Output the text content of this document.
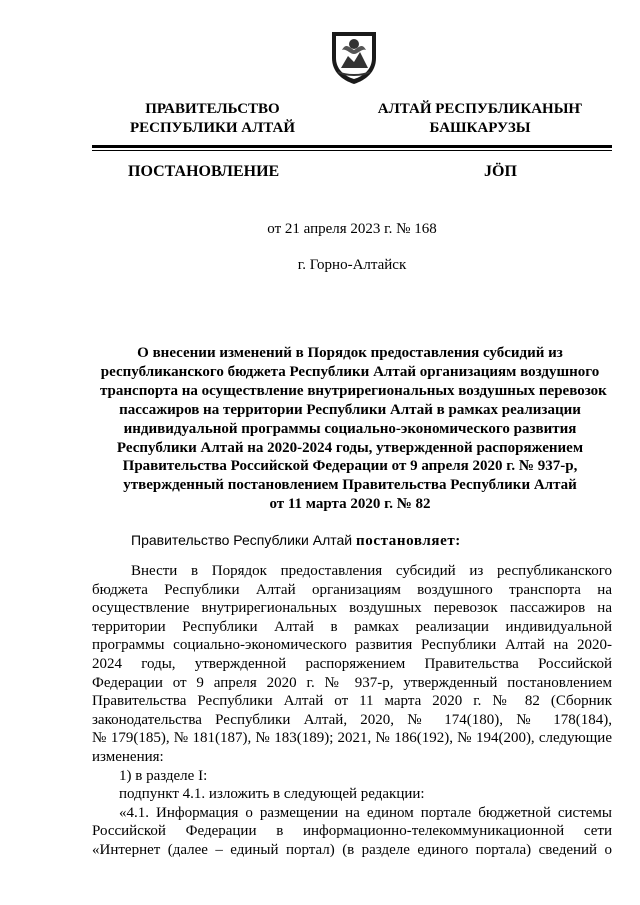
ПРАВИТЕЛЬСТВО
РЕСПУБЛИКИ АЛТАЙ
АЛТАЙ РЕСПУБЛИКАНЫҤ
БАШКАРУЗЫ
ПОСТАНОВЛЕНИЕ	JÖП
от 21 апреля 2023 г. № 168
г. Горно-Алтайск
О внесении изменений в Порядок предоставления субсидий из
республиканского бюджета Республики Алтай организациям воздушного
транспорта на осуществление внутрирегиональных воздушных перевозок
пассажиров на территории Республики Алтай в рамках реализации
индивидуальной программы социально-экономического развития
Республики Алтай на 2020-2024 годы, утвержденной распоряжением
Правительства Российской Федерации от 9 апреля 2020 г. № 937-р,
утвержденный постановлением Правительства Республики Алтай
от 11 марта 2020 г. № 82
Правительство Республики Алтай постановляет:
Внести в Порядок предоставления субсидий из республиканского
бюджета Республики Алтай организациям воздушного транспорта на
осуществление внутрирегиональных воздушных перевозок пассажиров на
территории Республики Алтай в рамках реализации индивидуальной
программы социально-экономического развития Республики Алтай на 2020-
2024 годы, утвержденной распоряжением Правительства Российской
Федерации от 9 апреля 2020 г. № 937-р, утвержденный постановлением
Правительства Республики Алтай от 11 марта 2020 г. № 82 (Сборник
законодательства Республики Алтай, 2020, № 174(180), № 178(184),
№ 179(185), № 181(187), № 183(189); 2021, № 186(192), № 194(200), следующие
изменения:
1) в разделе I:
подпункт 4.1. изложить в следующей редакции:
«4.1. Информация о размещении на едином портале бюджетной системы
Российской Федерации в информационно-телекоммуникационной сети
«Интернет (далее – единый портал) (в разделе единого портала) сведений о
